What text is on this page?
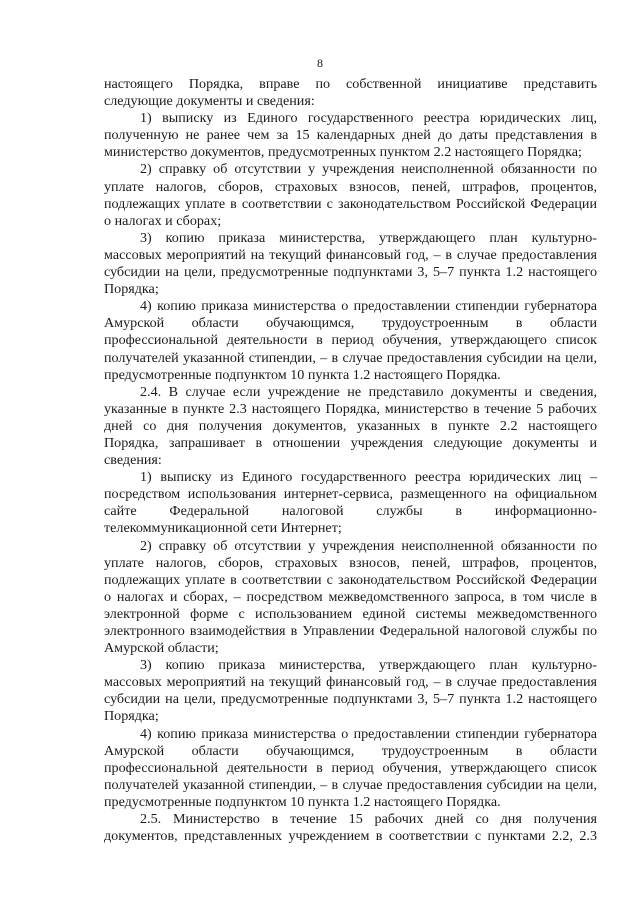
8
настоящего Порядка, вправе по собственной инициативе представить
следующие документы и сведения:
1) выписку из Единого государственного реестра юридических лиц,
полученную не ранее чем за 15 календарных дней до даты представления в
министерство документов, предусмотренных пунктом 2.2 настоящего Порядка;
2) справку об отсутствии у учреждения неисполненной обязанности по
уплате налогов, сборов, страховых взносов, пеней, штрафов, процентов,
подлежащих уплате в соответствии с законодательством Российской Федерации
о налогах и сборах;
3) копию приказа министерства, утверждающего план культурно-
массовых мероприятий на текущий финансовый год, – в случае предоставления
субсидии на цели, предусмотренные подпунктами 3, 5–7 пункта 1.2 настоящего
Порядка;
4) копию приказа министерства о предоставлении стипендии губернатора
Амурской области обучающимся, трудоустроенным в области
профессиональной деятельности в период обучения, утверждающего список
получателей указанной стипендии, – в случае предоставления субсидии на цели,
предусмотренные подпунктом 10 пункта 1.2 настоящего Порядка.
2.4. В случае если учреждение не представило документы и сведения,
указанные в пункте 2.3 настоящего Порядка, министерство в течение 5 рабочих
дней со дня получения документов, указанных в пункте 2.2 настоящего
Порядка, запрашивает в отношении учреждения следующие документы и
сведения:
1) выписку из Единого государственного реестра юридических лиц –
посредством использования интернет-сервиса, размещенного на официальном
сайте Федеральной налоговой службы в информационно-
телекоммуникационной сети Интернет;
2) справку об отсутствии у учреждения неисполненной обязанности по
уплате налогов, сборов, страховых взносов, пеней, штрафов, процентов,
подлежащих уплате в соответствии с законодательством Российской Федерации
о налогах и сборах, – посредством межведомственного запроса, в том числе в
электронной форме с использованием единой системы межведомственного
электронного взаимодействия в Управлении Федеральной налоговой службы по
Амурской области;
3) копию приказа министерства, утверждающего план культурно-
массовых мероприятий на текущий финансовый год, – в случае предоставления
субсидии на цели, предусмотренные подпунктами 3, 5–7 пункта 1.2 настоящего
Порядка;
4) копию приказа министерства о предоставлении стипендии губернатора
Амурской области обучающимся, трудоустроенным в области
профессиональной деятельности в период обучения, утверждающего список
получателей указанной стипендии, – в случае предоставления субсидии на цели,
предусмотренные подпунктом 10 пункта 1.2 настоящего Порядка.
2.5. Министерство в течение 15 рабочих дней со дня получения
документов, представленных учреждением в соответствии с пунктами 2.2, 2.3
